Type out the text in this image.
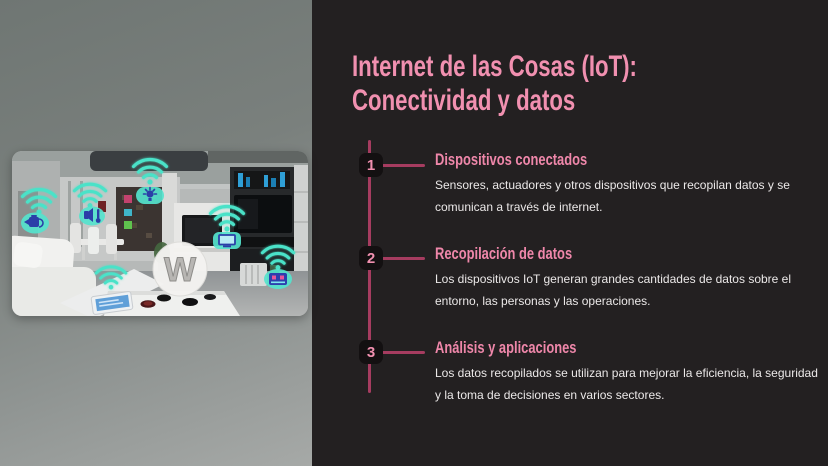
W
Internet de las Cosas (IoT):
Conectividad y datos
1	Dispositivos conectados
Sensores, actuadores y otros dispositivos que recopilan datos y se comunican a través de internet.
2	Recopilación de datos
Los dispositivos IoT generan grandes cantidades de datos sobre el entorno, las personas y las operaciones.
3	Análisis y aplicaciones
Los datos recopilados se utilizan para mejorar la eficiencia, la seguridad y la toma de decisiones en varios sectores.
